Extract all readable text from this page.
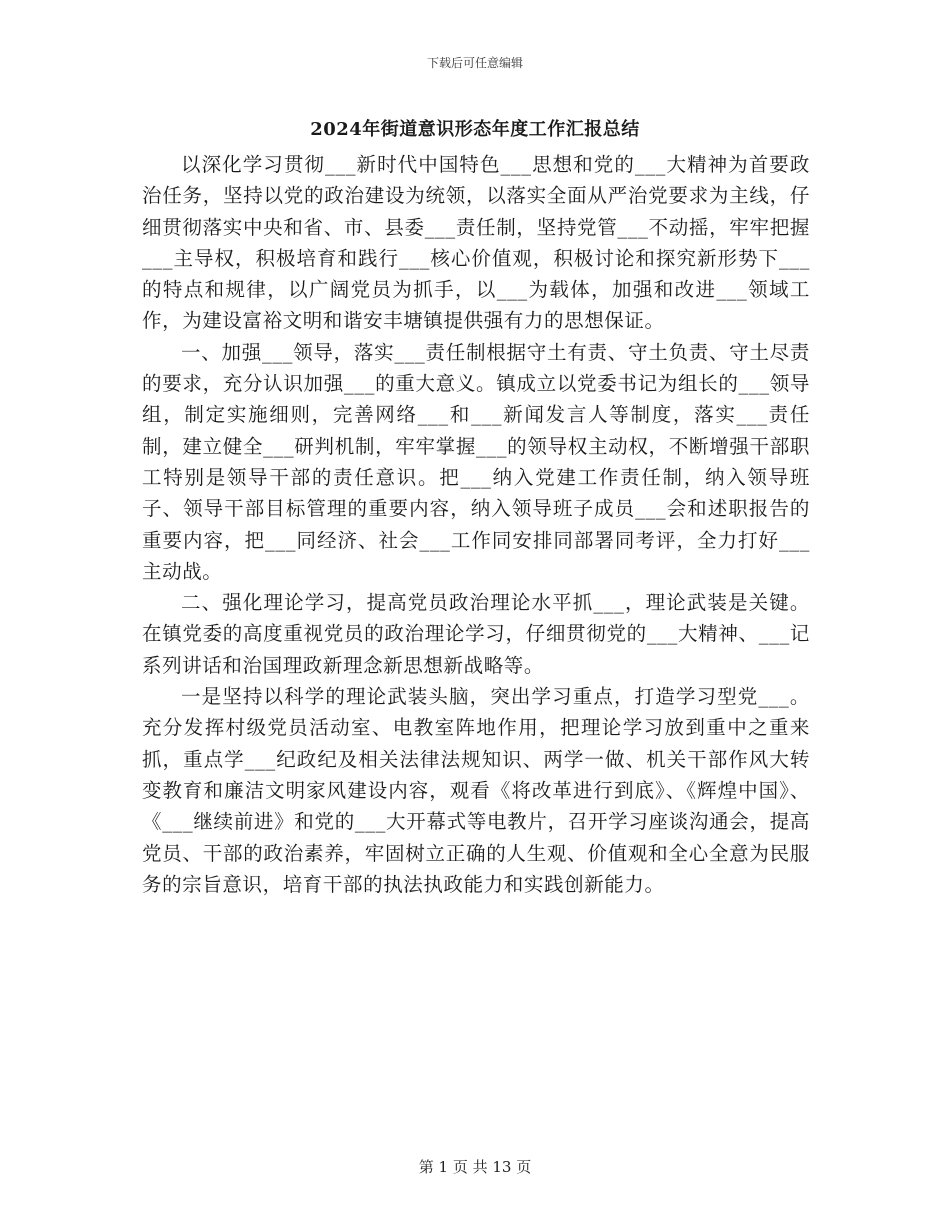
下载后可任意编辑
2024年街道意识形态年度工作汇报总结

以深化学习贯彻___新时代中国特色___思想和党的___大精神为首要政治任务，坚持以党的政治建设为统领，以落实全面从严治党要求为主线，仔细贯彻落实中央和省、市、县委___责任制，坚持党管___不动摇，牢牢把握___主导权，积极培育和践行___核心价值观，积极讨论和探究新形势下___的特点和规律，以广阔党员为抓手，以___为载体，加强和改进___领域工作，为建设富裕文明和谐安丰塘镇提供强有力的思想保证。

一、加强___领导，落实___责任制根据守土有责、守土负责、守土尽责的要求，充分认识加强___的重大意义。镇成立以党委书记为组长的___领导组，制定实施细则，完善网络___和___新闻发言人等制度，落实___责任制，建立健全___研判机制，牢牢掌握___的领导权主动权，不断增强干部职工特别是领导干部的责任意识。把___纳入党建工作责任制，纳入领导班子、领导干部目标管理的重要内容，纳入领导班子成员___会和述职报告的重要内容，把___同经济、社会___工作同安排同部署同考评，全力打好___主动战。

二、强化理论学习，提高党员政治理论水平抓___，理论武装是关键。在镇党委的高度重视党员的政治理论学习，仔细贯彻党的___大精神、___记系列讲话和治国理政新理念新思想新战略等。

一是坚持以科学的理论武装头脑，突出学习重点，打造学习型党___。充分发挥村级党员活动室、电教室阵地作用，把理论学习放到重中之重来抓，重点学___纪政纪及相关法律法规知识、两学一做、机关干部作风大转变教育和廉洁文明家风建设内容，观看《将改革进行到底》、《辉煌中国》、《___继续前进》和党的___大开幕式等电教片，召开学习座谈沟通会，提高党员、干部的政治素养，牢固树立正确的人生观、价值观和全心全意为民服务的宗旨意识，培育干部的执法执政能力和实践创新能力。

第 1 页 共 13 页
